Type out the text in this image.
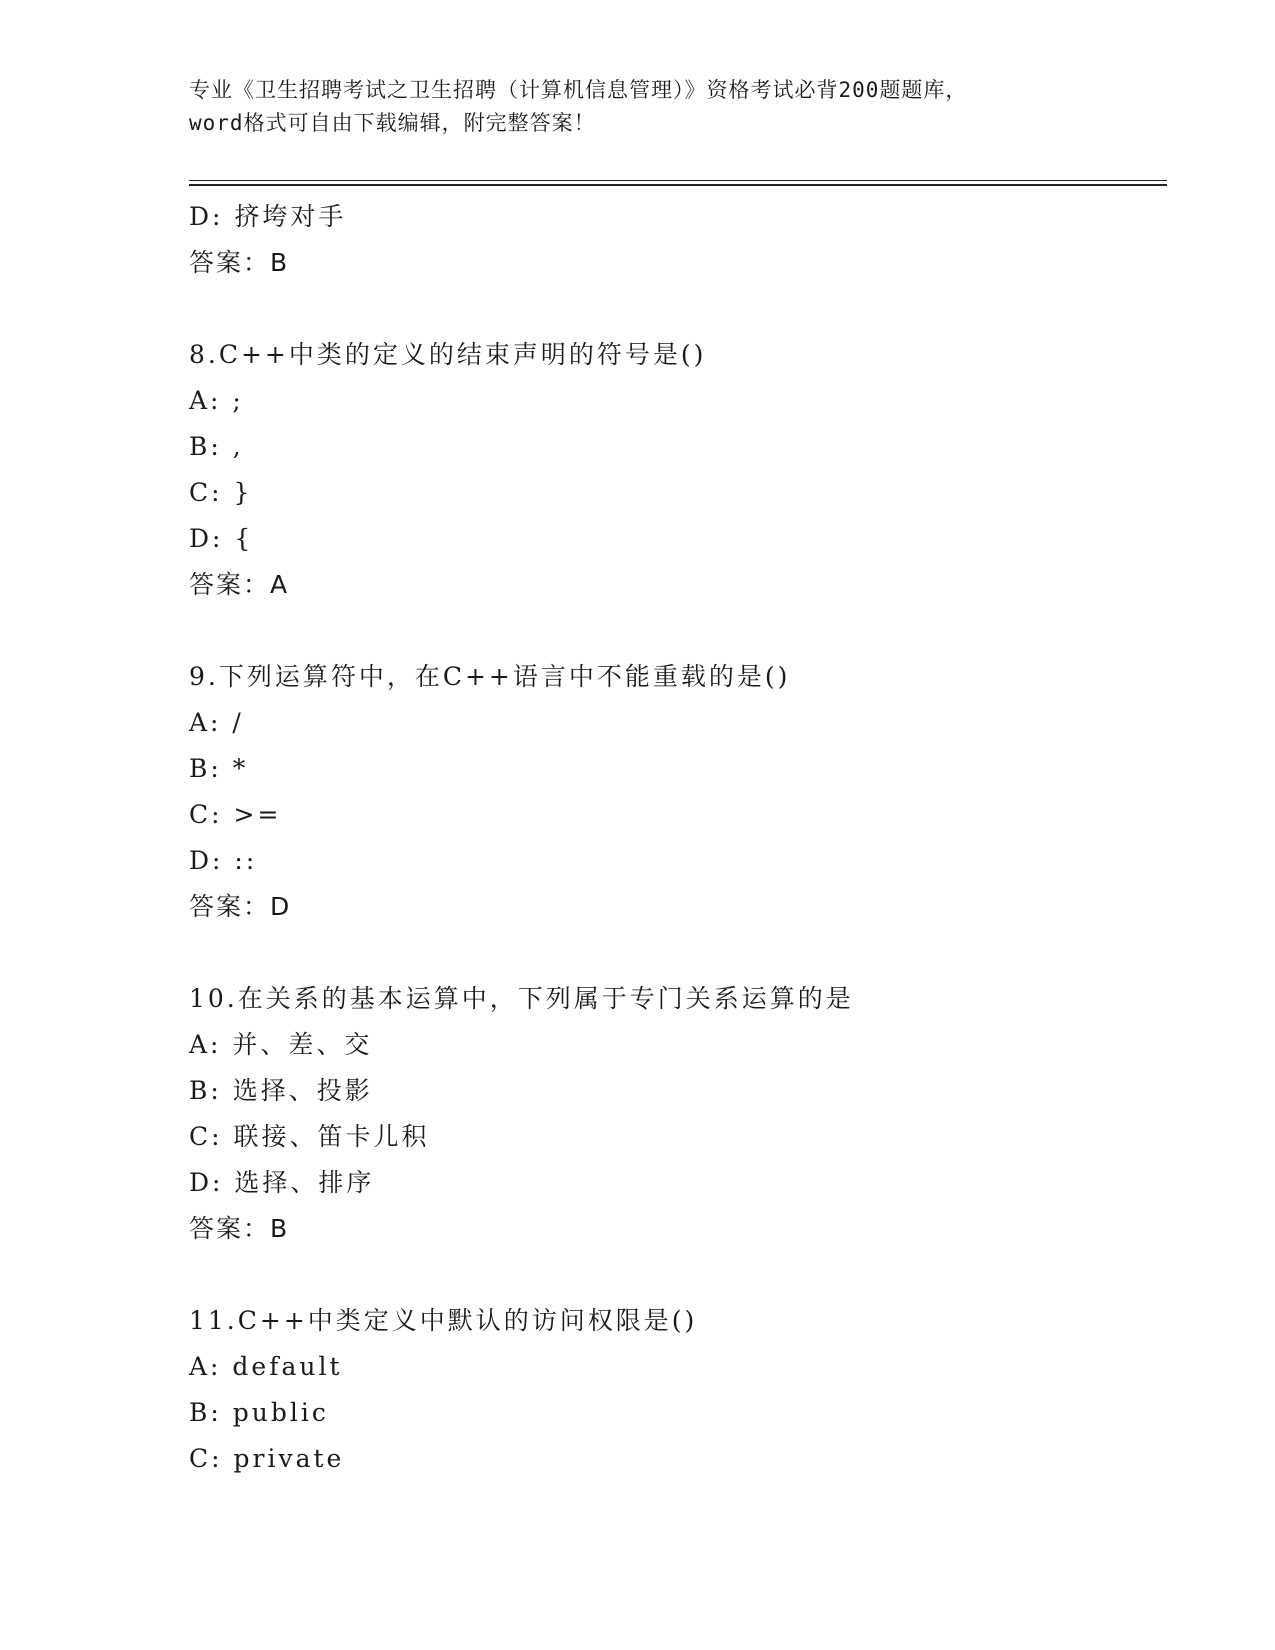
专业《卫生招聘考试之卫生招聘（计算机信息管理）》资格考试必背200题题库，
word格式可自由下载编辑，附完整答案！
D: 挤垮对手
答案：B
8.C++中类的定义的结束声明的符号是()
A: ;
B: ,
C: }
D: {
答案：A
9.下列运算符中，在C++语言中不能重载的是()
A: /
B: *
C: >=
D: ::
答案：D
10.在关系的基本运算中，下列属于专门关系运算的是
A: 并、差、交
B: 选择、投影
C: 联接、笛卡儿积
D: 选择、排序
答案：B
11.C++中类定义中默认的访问权限是()
A: default
B: public
C: private
